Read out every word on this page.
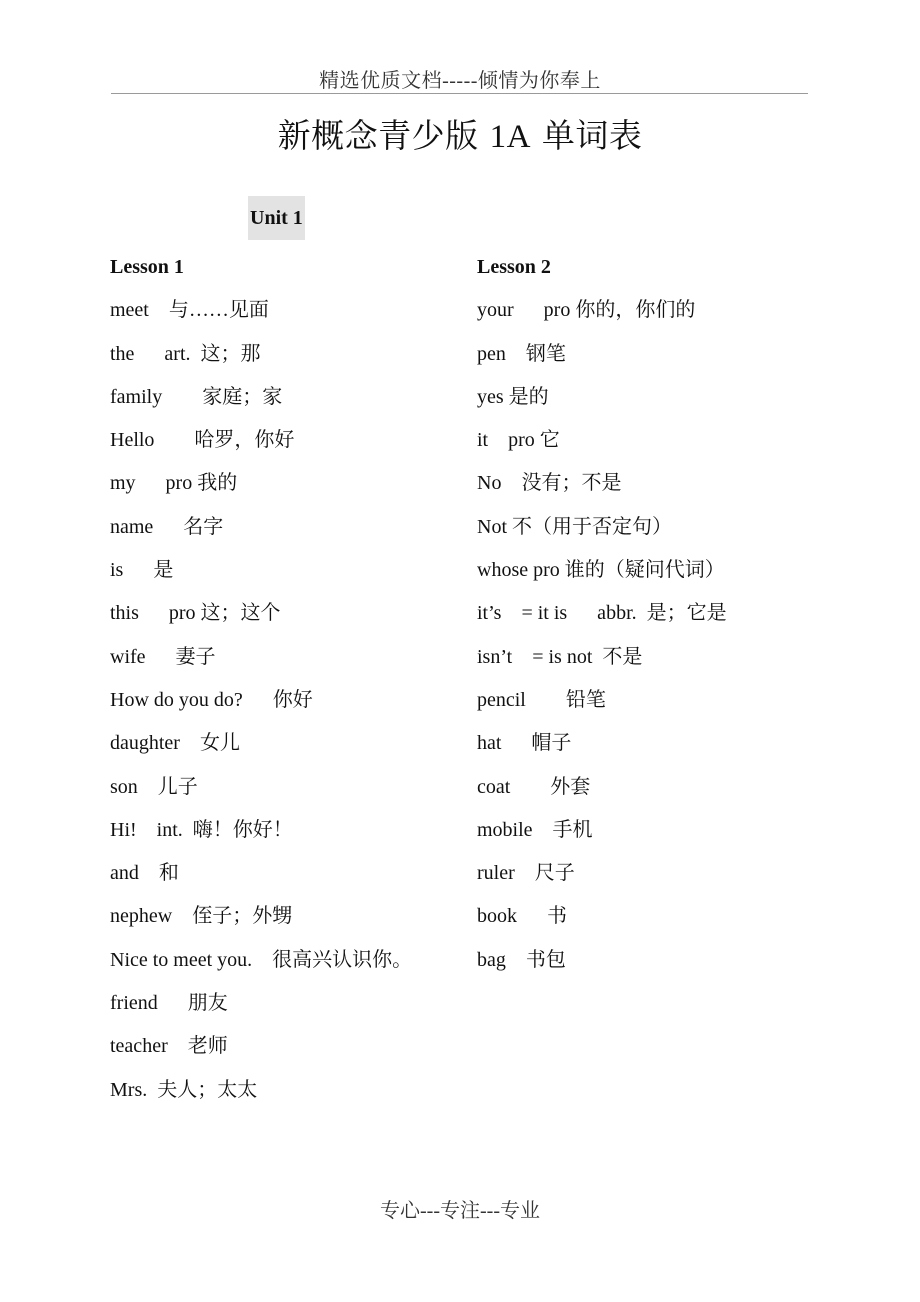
精选优质文档-----倾情为你奉上
新概念青少版 1A 单词表
Unit 1
Lesson 1
meet    与……见面
the      art.  这；那
family        家庭；家
Hello        哈罗，你好
my      pro 我的
name      名字
is      是
this      pro 这；这个
wife      妻子
How do you do?      你好
daughter    女儿
son    儿子
Hi!    int.  嗨！你好！
and    和
nephew    侄子；外甥
Nice to meet you.    很高兴认识你。
friend      朋友
teacher    老师
Mrs.  夫人；太太
Lesson 2
your      pro 你的，你们的
pen    钢笔
yes 是的
it    pro 它
No    没有；不是
Not 不（用于否定句）
whose pro 谁的（疑问代词）
it’s    = it is      abbr.  是；它是
isn’t    = is not  不是
pencil        铅笔
hat      帽子
coat        外套
mobile    手机
ruler    尺子
book      书
bag    书包
专心---专注---专业
